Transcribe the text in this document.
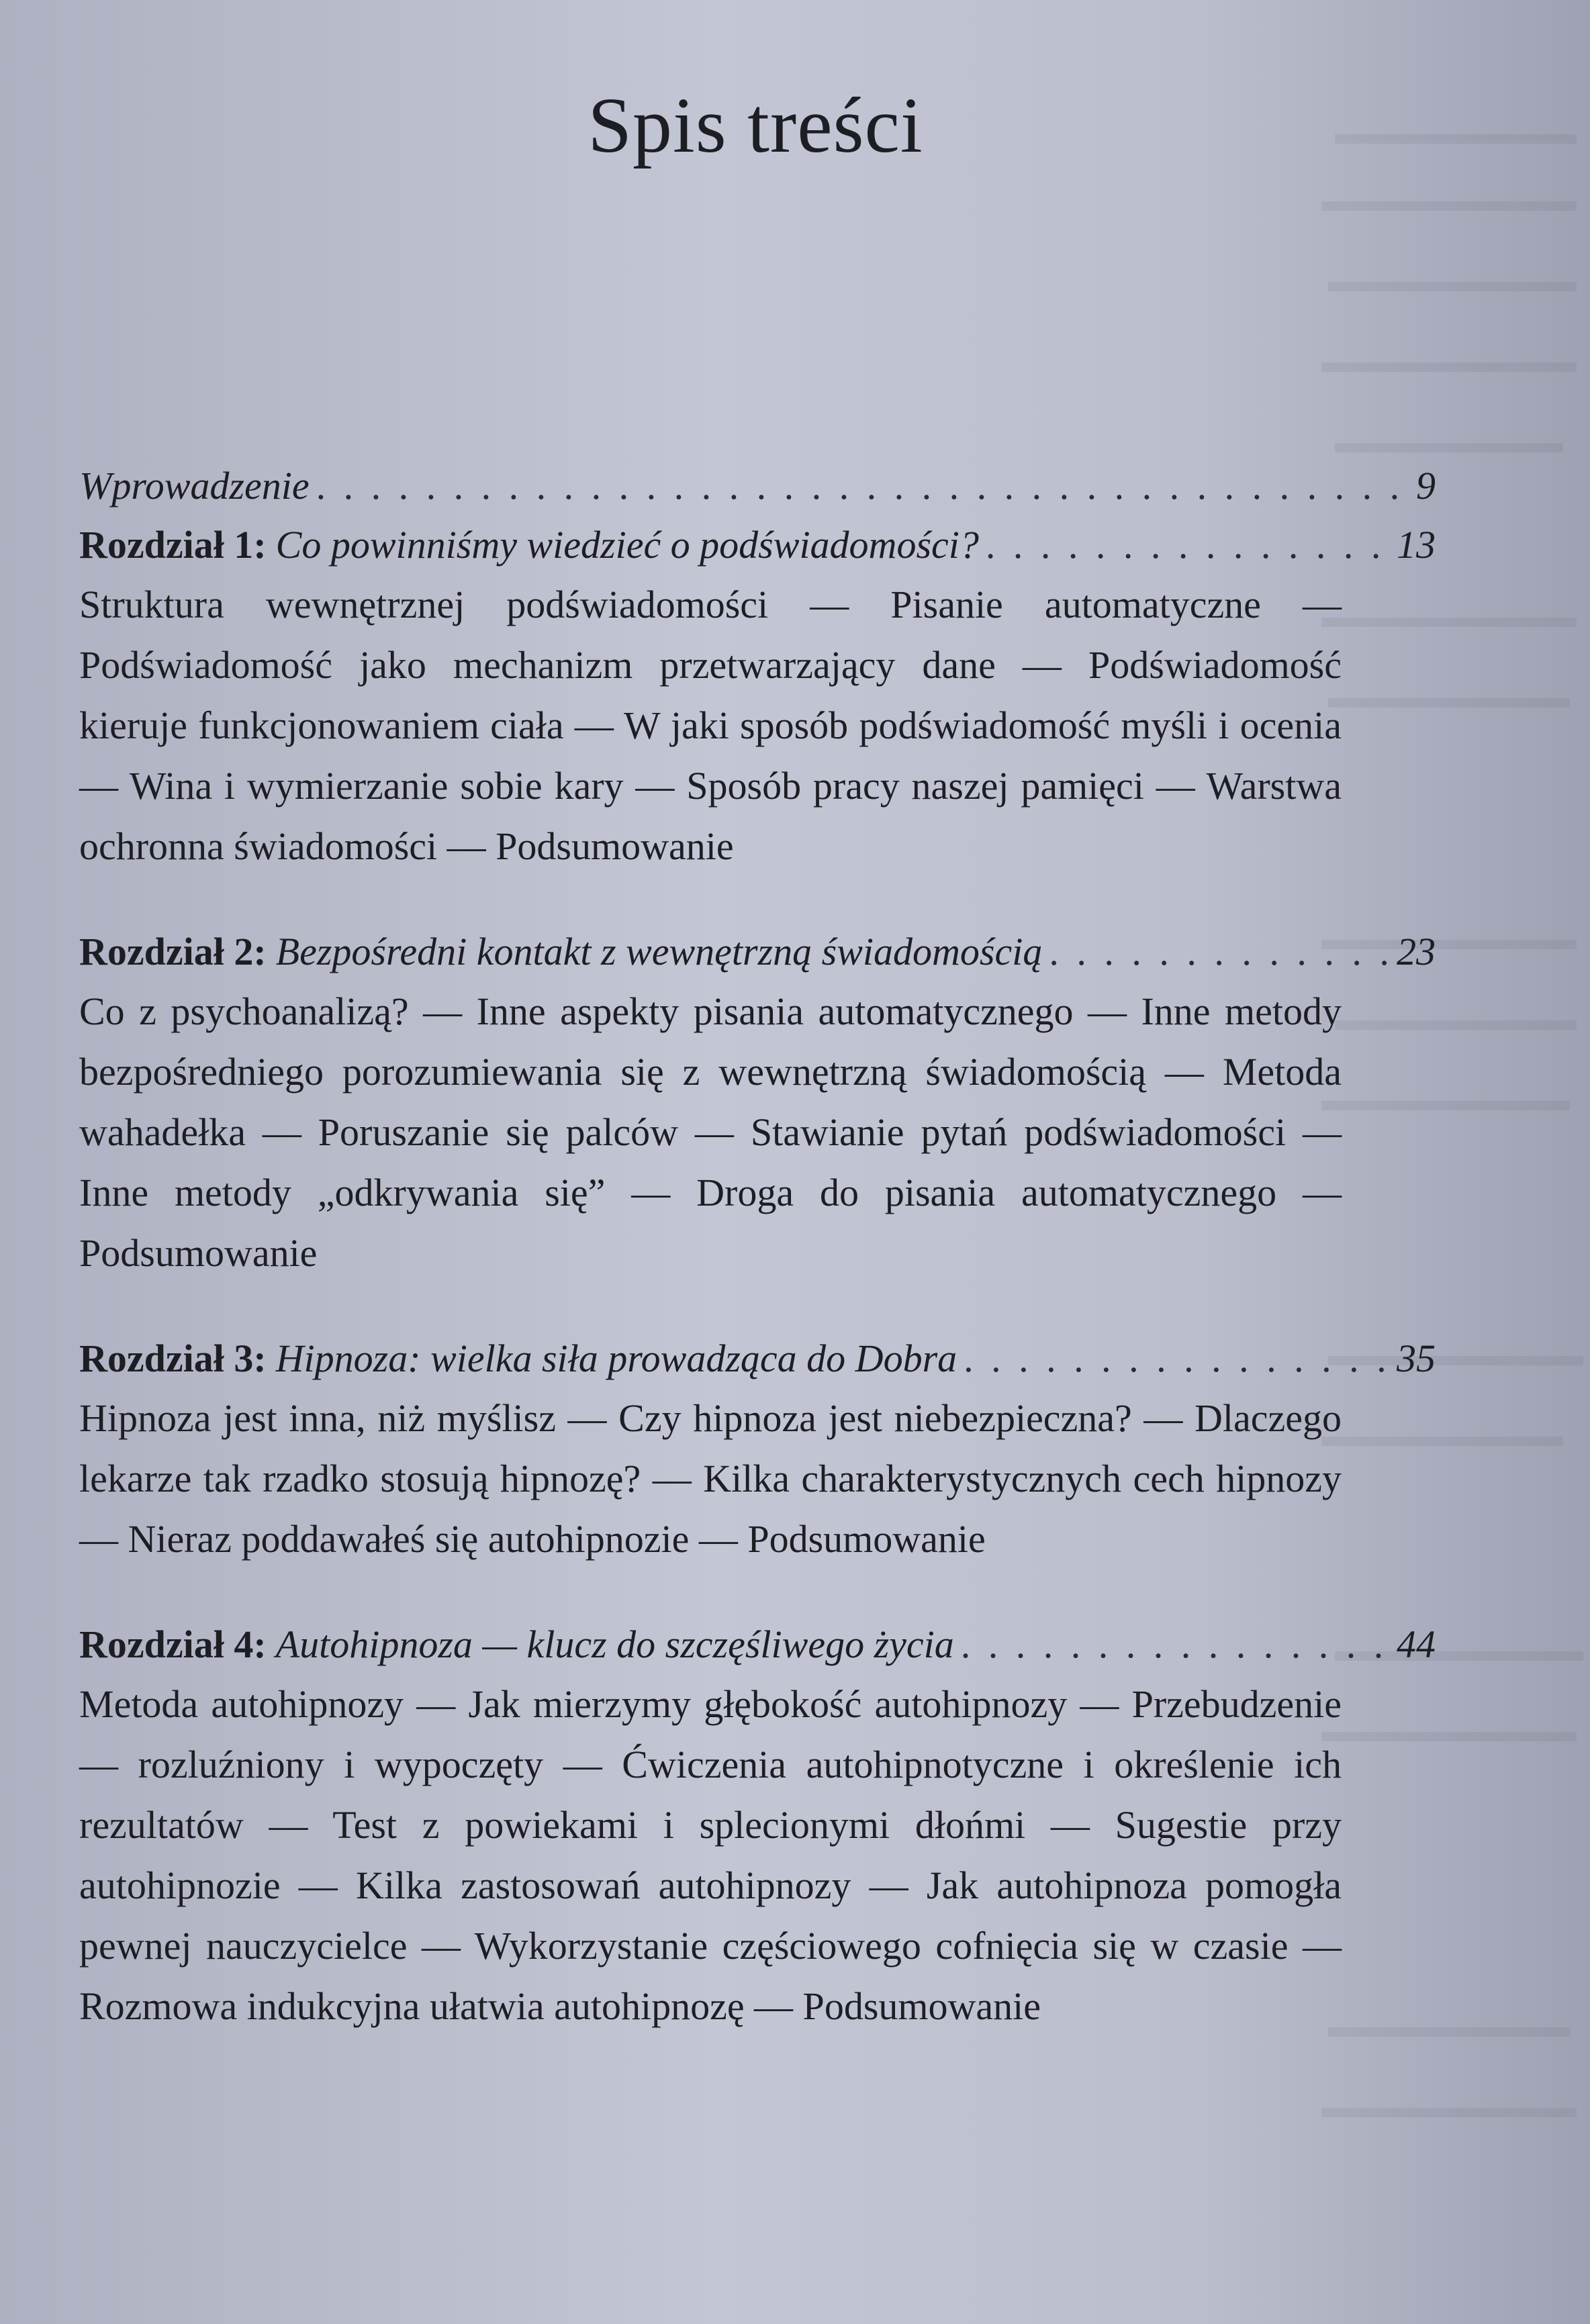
Spis treści
Wprowadzenie . . .	9
Rozdział 1: Co powinniśmy wiedzieć o podświadomości? . . .	13

Struktura wewnętrznej podświadomości — Pisanie automatyczne — Podświadomość jako mechanizm przetwarzający dane — Podświadomość kieruje funkcjonowaniem ciała — W jaki sposób podświadomość myśli i ocenia — Wina i wymierzanie sobie kary — Sposób pracy naszej pamięci — Warstwa ochronna świadomości — Podsumowanie

Rozdział 2: Bezpośredni kontakt z wewnętrzną świadomością . . .	23

Co z psychoanalizą? — Inne aspekty pisania automatycznego — Inne metody bezpośredniego porozumiewania się z wewnętrzną świadomością — Metoda wahadełka — Poruszanie się palców — Stawianie pytań podświadomości — Inne metody „odkrywania się” — Droga do pisania automatycznego — Podsumowanie

Rozdział 3: Hipnoza: wielka siła prowadząca do Dobra . . .	35

Hipnoza jest inna, niż myślisz — Czy hipnoza jest niebezpieczna? — Dlaczego lekarze tak rzadko stosują hipnozę? — Kilka charakterystycznych cech hipnozy — Nieraz poddawałeś się autohipnozie — Podsumowanie

Rozdział 4: Autohipnoza — klucz do szczęśliwego życia . . .	44

Metoda autohipnozy — Jak mierzymy głębokość autohipnozy — Przebudzenie — rozluźniony i wypoczęty — Ćwiczenia autohipnotyczne i określenie ich rezultatów — Test z powiekami i splecionymi dłońmi — Sugestie przy autohipnozie — Kilka zastosowań autohipnozy — Jak autohipnoza pomogła pewnej nauczycielce — Wykorzystanie częściowego cofnięcia się w czasie — Rozmowa indukcyjna ułatwia autohipnozę — Podsumowanie
